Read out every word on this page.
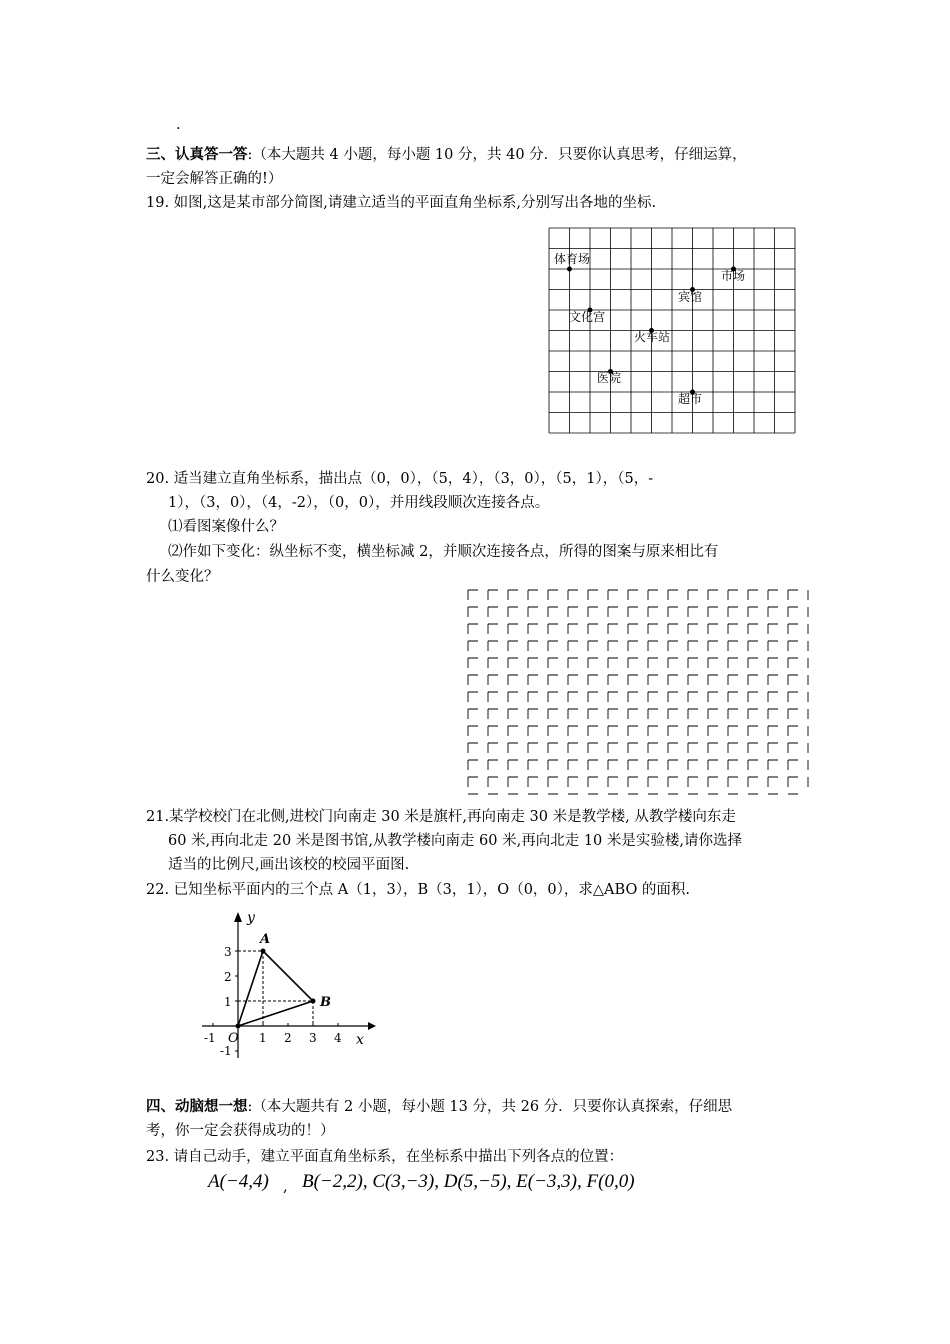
·
三、认真答一答:（本大题共 4 小题，每小题 10 分，共 40 分．只要你认真思考，仔细运算，
一定会解答正确的!）
19. 如图,这是某市部分简图,请建立适当的平面直角坐标系,分别写出各地的坐标.
体育场
市场
宾馆
文化宫
火车站
医院
超市
20. 适当建立直角坐标系，描出点（0，0），（5，4），（3，0），（5，1），（5，-
1），（3，0），（4，-2），（0，0），并用线段顺次连接各点。
⑴看图案像什么？
⑵作如下变化：纵坐标不变，横坐标减 2，并顺次连接各点，所得的图案与原来相比有
什么变化？
21.某学校校门在北侧,进校门向南走 30 米是旗杆,再向南走 30 米是教学楼, 从教学楼向东走
60 米,再向北走 20 米是图书馆,从教学楼向南走 60 米,再向北走 10 米是实验楼,请你选择
适当的比例尺,画出该校的校园平面图.
22. 已知坐标平面内的三个点 A（1，3），B（3，1），O（0，0），求△ABO 的面积.
y
x
3
2
1
-1
-1	1 2 3 4
A
B
O
四、动脑想一想:（本大题共有 2 小题，每小题 13 分，共 26 分．只要你认真探索，仔细思
考，你一定会获得成功的！）
23. 请自己动手，建立平面直角坐标系，在坐标系中描出下列各点的位置：
A(−4,4) , B(−2,2), C(3,−3), D(5,−5), E(−3,3), F(0,0)
